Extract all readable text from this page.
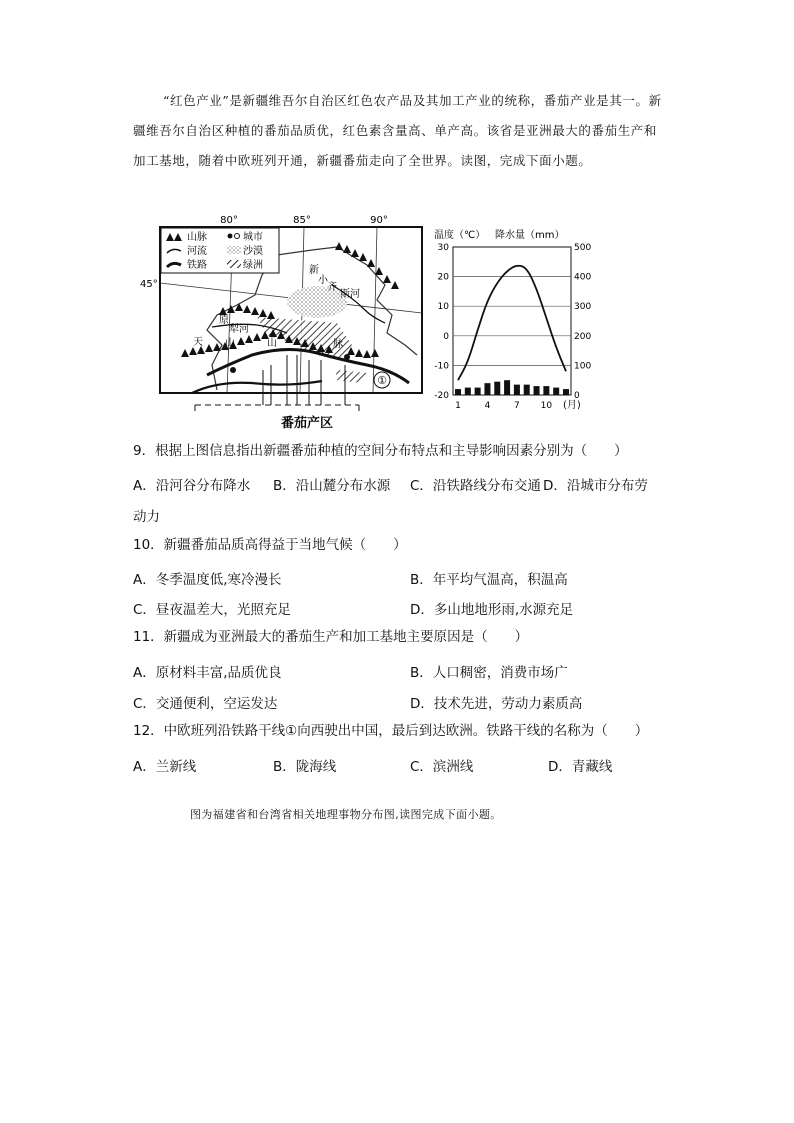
“红色产业”是新疆维吾尔自治区红色农产品及其加工产业的统称，番茄产业是其一。新疆维吾尔自治区种植的番茄品质优，红色素含量高、单产高。该省是亚洲最大的番茄生产和加工基地，随着中欧班列开通，新疆番茄走向了全世界。读图，完成下面小题。

80°	85°	90°
45°
新
小
齐
斯河
原
犁河
天 山	山	脉
①
山脉	城市
河流	沙漠
铁路	绿洲
番茄产区
温度（℃） 降水量（mm）
30
20
10
0
-10
-20
500
400
300
200
100
0
1	4	7 10 (月)
9．根据上图信息指出新疆番茄种植的空间分布特点和主导影响因素分别为（　　）
A．沿河谷分布降水 B．沿山麓分布水源 C．沿铁路线分布交通 D．沿城市分布劳
动力
10．新疆番茄品质高得益于当地气候（　　）
A．冬季温度低,寒冷漫长	B．年平均气温高，积温高
C．昼夜温差大，光照充足	D．多山地地形雨,水源充足
11．新疆成为亚洲最大的番茄生产和加工基地主要原因是（　　）
A．原材料丰富,品质优良	B．人口稠密，消费市场广
C．交通便利，空运发达	D．技术先进，劳动力素质高
12．中欧班列沿铁路干线①向西驶出中国，最后到达欧洲。铁路干线的名称为（　　）
A．兰新线	B．陇海线	C．滨洲线	D．青藏线
图为福建省和台湾省相关地理事物分布图,读图完成下面小题。
